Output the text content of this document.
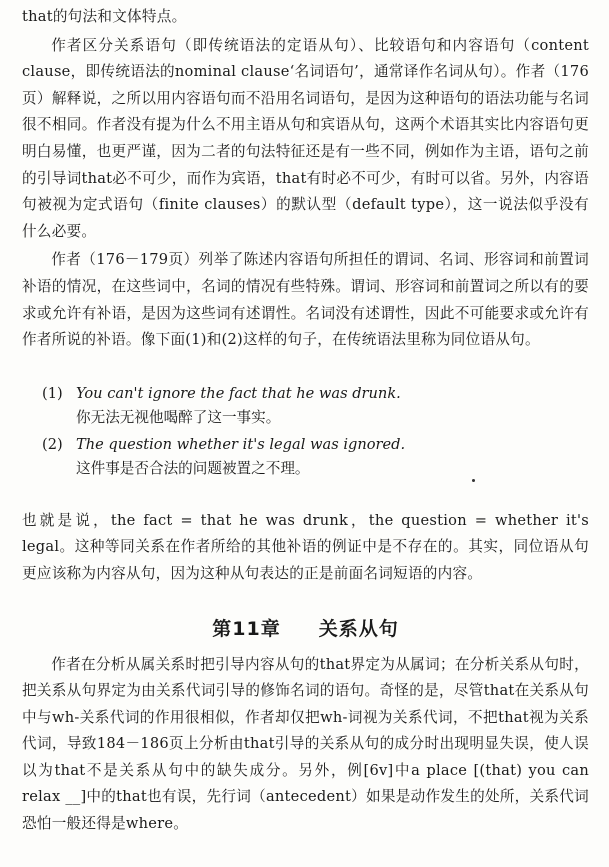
that的句法和文体特点。

作者区分关系语句（即传统语法的定语从句）、比较语句和内容语句（content clause，即传统语法的nominal clause‘名词语句’，通常译作名词从句）。作者（176页）解释说，之所以用内容语句而不沿用名词语句，是因为这种语句的语法功能与名词很不相同。作者没有提为什么不用主语从句和宾语从句，这两个术语其实比内容语句更明白易懂，也更严谨，因为二者的句法特征还是有一些不同，例如作为主语，语句之前的引导词that必不可少，而作为宾语，that有时必不可少，有时可以省。另外，内容语句被视为定式语句（finite clauses）的默认型（default type），这一说法似乎没有什么必要。

作者（176－179页）列举了陈述内容语句所担任的谓词、名词、形容词和前置词补语的情况，在这些词中，名词的情况有些特殊。谓词、形容词和前置词之所以有的要求或允许有补语，是因为这些词有述谓性。名词没有述谓性，因此不可能要求或允许有作者所说的补语。像下面(1)和(2)这样的句子，在传统语法里称为同位语从句。

(1) You can't ignore the fact that he was drunk.
你无法无视他喝醉了这一事实。
(2) The question whether it's legal was ignored.
这件事是否合法的问题被置之不理。

也就是说，the fact = that he was drunk，the question = whether it's legal。这种等同关系在作者所给的其他补语的例证中是不存在的。其实，同位语从句更应该称为内容从句，因为这种从句表达的正是前面名词短语的内容。

第11章 关系从句

作者在分析从属关系时把引导内容从句的that界定为从属词；在分析关系从句时，把关系从句界定为由关系代词引导的修饰名词的语句。奇怪的是，尽管that在关系从句中与wh-关系代词的作用很相似，作者却仅把wh-词视为关系代词，不把that视为关系代词，导致184－186页上分析由that引导的关系从句的成分时出现明显失误，使人误以为that不是关系从句中的缺失成分。另外，例[6v]中a place [(that) you can relax __]中的that也有误，先行词（antecedent）如果是动作发生的处所，关系代词恐怕一般还得是where。
